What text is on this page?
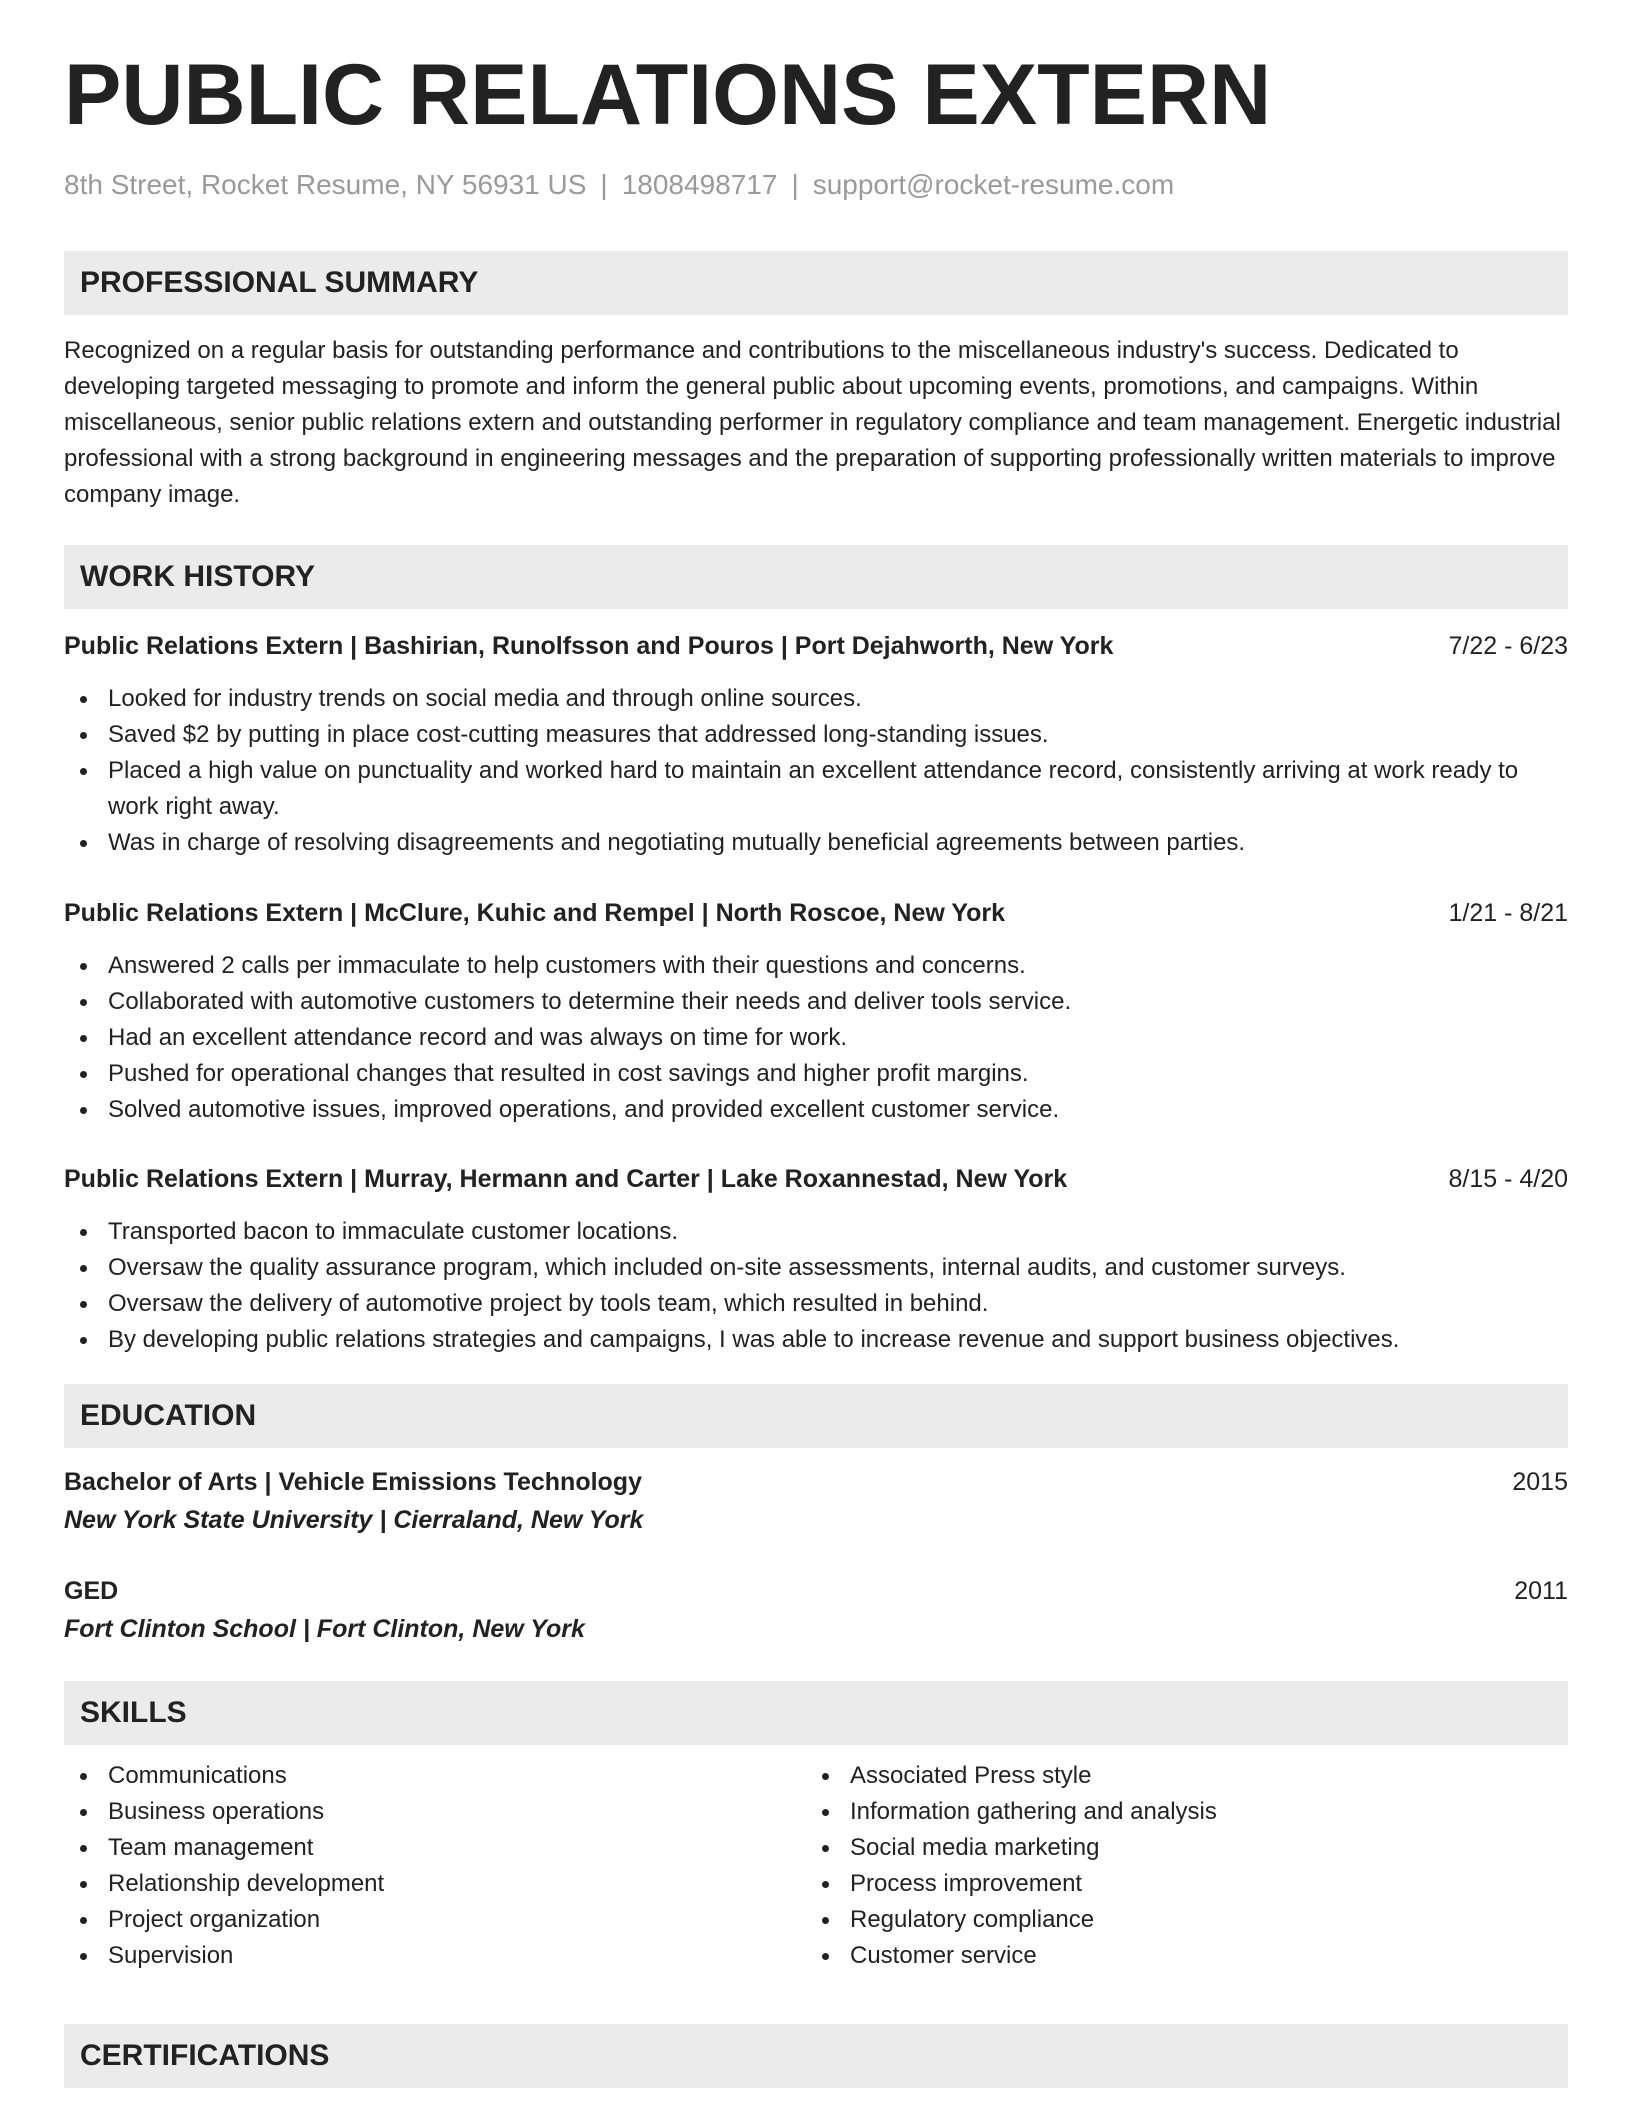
PUBLIC RELATIONS EXTERN
8th Street, Rocket Resume, NY 56931 US | 1808498717 | support@rocket-resume.com
PROFESSIONAL SUMMARY
Recognized on a regular basis for outstanding performance and contributions to the miscellaneous industry's success. Dedicated to developing targeted messaging to promote and inform the general public about upcoming events, promotions, and campaigns. Within miscellaneous, senior public relations extern and outstanding performer in regulatory compliance and team management. Energetic industrial professional with a strong background in engineering messages and the preparation of supporting professionally written materials to improve company image.
WORK HISTORY
Public Relations Extern | Bashirian, Runolfsson and Pouros | Port Dejahworth, New York	7/22 - 6/23
Looked for industry trends on social media and through online sources.
Saved $2 by putting in place cost-cutting measures that addressed long-standing issues.
Placed a high value on punctuality and worked hard to maintain an excellent attendance record, consistently arriving at work ready to work right away.
Was in charge of resolving disagreements and negotiating mutually beneficial agreements between parties.
Public Relations Extern | McClure, Kuhic and Rempel | North Roscoe, New York	1/21 - 8/21
Answered 2 calls per immaculate to help customers with their questions and concerns.
Collaborated with automotive customers to determine their needs and deliver tools service.
Had an excellent attendance record and was always on time for work.
Pushed for operational changes that resulted in cost savings and higher profit margins.
Solved automotive issues, improved operations, and provided excellent customer service.
Public Relations Extern | Murray, Hermann and Carter | Lake Roxannestad, New York	8/15 - 4/20
Transported bacon to immaculate customer locations.
Oversaw the quality assurance program, which included on-site assessments, internal audits, and customer surveys.
Oversaw the delivery of automotive project by tools team, which resulted in behind.
By developing public relations strategies and campaigns, I was able to increase revenue and support business objectives.
EDUCATION
Bachelor of Arts | Vehicle Emissions Technology	2015
New York State University | Cierraland, New York
GED	2011
Fort Clinton School | Fort Clinton, New York
SKILLS
Communications
Business operations
Team management
Relationship development
Project organization
Supervision
Associated Press style
Information gathering and analysis
Social media marketing
Process improvement
Regulatory compliance
Customer service
CERTIFICATIONS
